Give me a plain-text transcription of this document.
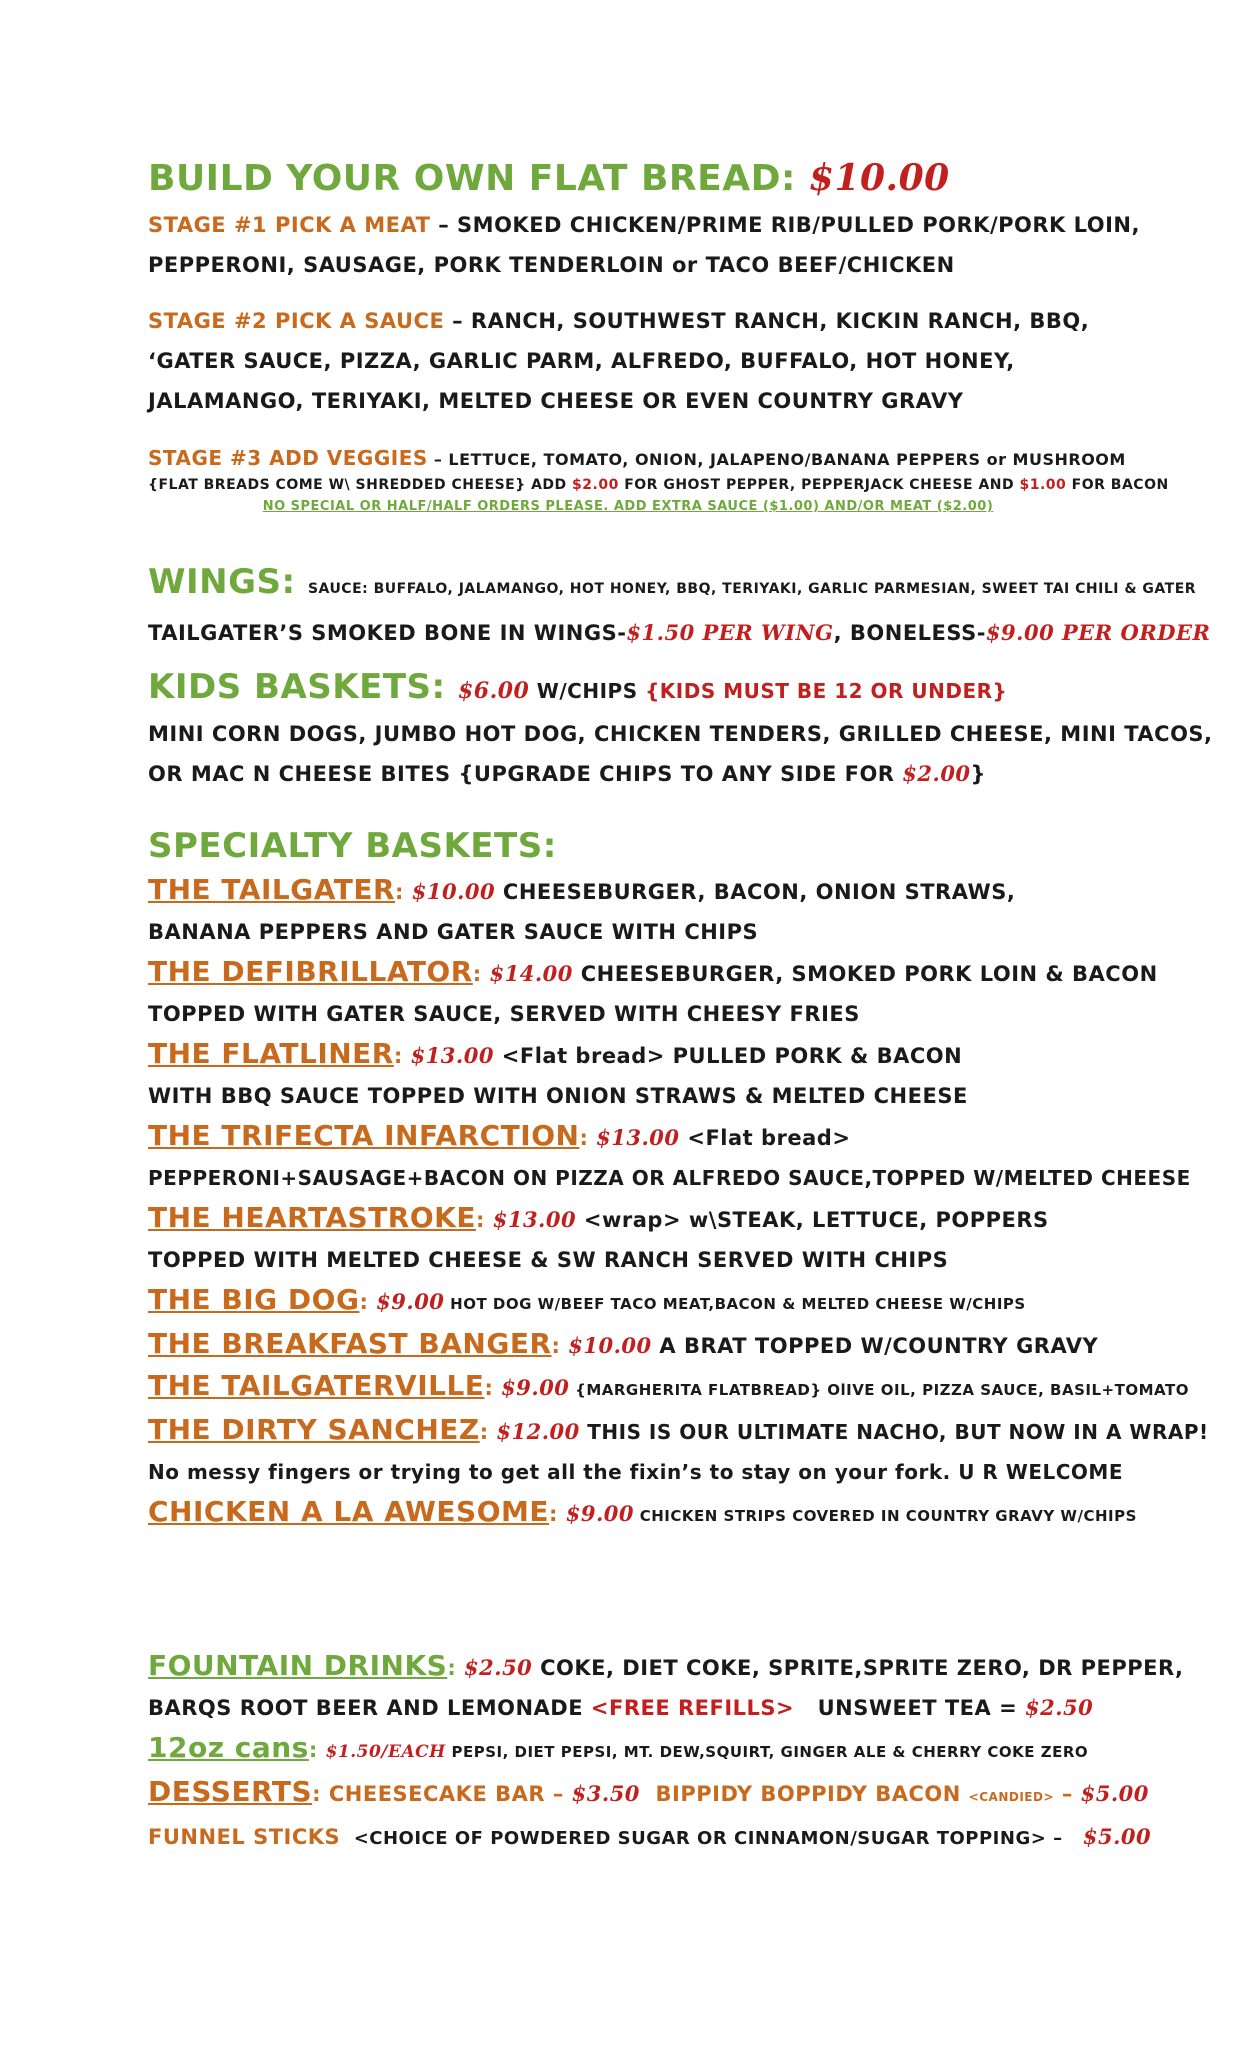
BUILD YOUR OWN FLAT BREAD: $10.00
STAGE #1 PICK A MEAT – SMOKED CHICKEN/PRIME RIB/PULLED PORK/PORK LOIN,
PEPPERONI, SAUSAGE, PORK TENDERLOIN or TACO BEEF/CHICKEN
STAGE #2 PICK A SAUCE – RANCH, SOUTHWEST RANCH, KICKIN RANCH, BBQ,
‘GATER SAUCE, PIZZA, GARLIC PARM, ALFREDO, BUFFALO, HOT HONEY,
JALAMANGO, TERIYAKI, MELTED CHEESE OR EVEN COUNTRY GRAVY
STAGE #3 ADD VEGGIES – LETTUCE, TOMATO, ONION, JALAPENO/BANANA PEPPERS or MUSHROOM
{FLAT BREADS COME W\ SHREDDED CHEESE} ADD $2.00 FOR GHOST PEPPER, PEPPERJACK CHEESE AND $1.00 FOR BACON
NO SPECIAL OR HALF/HALF ORDERS PLEASE. ADD EXTRA SAUCE ($1.00) AND/OR MEAT ($2.00)
WINGS: SAUCE: BUFFALO, JALAMANGO, HOT HONEY, BBQ, TERIYAKI, GARLIC PARMESIAN, SWEET TAI CHILI & GATER
TAILGATER’S SMOKED BONE IN WINGS-$1.50 PER WING, BONELESS-$9.00 PER ORDER
KIDS BASKETS: $6.00 W/CHIPS {KIDS MUST BE 12 OR UNDER}
MINI CORN DOGS, JUMBO HOT DOG, CHICKEN TENDERS, GRILLED CHEESE, MINI TACOS,
OR MAC N CHEESE BITES {UPGRADE CHIPS TO ANY SIDE FOR $2.00}
SPECIALTY BASKETS:
THE TAILGATER: $10.00 CHEESEBURGER, BACON, ONION STRAWS,
BANANA PEPPERS AND GATER SAUCE WITH CHIPS
THE DEFIBRILLATOR: $14.00 CHEESEBURGER, SMOKED PORK LOIN & BACON
TOPPED WITH GATER SAUCE, SERVED WITH CHEESY FRIES
THE FLATLINER: $13.00 <Flat bread> PULLED PORK & BACON
WITH BBQ SAUCE TOPPED WITH ONION STRAWS & MELTED CHEESE
THE TRIFECTA INFARCTION: $13.00 <Flat bread>
PEPPERONI+SAUSAGE+BACON ON PIZZA OR ALFREDO SAUCE,TOPPED W/MELTED CHEESE
THE HEARTASTROKE: $13.00 <wrap> w\STEAK, LETTUCE, POPPERS
TOPPED WITH MELTED CHEESE & SW RANCH SERVED WITH CHIPS
THE BIG DOG: $9.00 HOT DOG W/BEEF TACO MEAT,BACON & MELTED CHEESE W/CHIPS
THE BREAKFAST BANGER: $10.00 A BRAT TOPPED W/COUNTRY GRAVY
THE TAILGATERVILLE: $9.00 {MARGHERITA FLATBREAD} OlIVE OIL, PIZZA SAUCE, BASIL+TOMATO
THE DIRTY SANCHEZ: $12.00 THIS IS OUR ULTIMATE NACHO, BUT NOW IN A WRAP!
No messy fingers or trying to get all the fixin’s to stay on your fork. U R WELCOME
CHICKEN A LA AWESOME: $9.00 CHICKEN STRIPS COVERED IN COUNTRY GRAVY W/CHIPS
FOUNTAIN DRINKS: $2.50 COKE, DIET COKE, SPRITE,SPRITE ZERO, DR PEPPER,
BARQS ROOT BEER AND LEMONADE <FREE REFILLS>   UNSWEET TEA = $2.50
12oz cans: $1.50/EACH PEPSI, DIET PEPSI, MT. DEW,SQUIRT, GINGER ALE & CHERRY COKE ZERO
DESSERTS: CHEESECAKE BAR – $3.50  BIPPIDY BOPPIDY BACON <CANDIED> – $5.00
FUNNEL STICKS  <CHOICE OF POWDERED SUGAR OR CINNAMON/SUGAR TOPPING> –   $5.00
